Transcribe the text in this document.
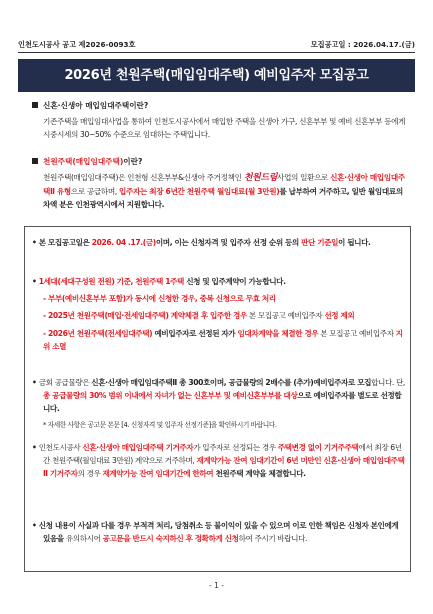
인천도시공사 공고 제2026-0093호	모집공고일 : 2026.04.17.(금)
2026년 천원주택(매입임대주택) 예비입주자 모집공고
신혼·신생아 매입임대주택이란?
기존주택을 매입임대사업을 통하여 인천도시공사에서 매입한 주택을 신생아 가구, 신혼부부 및 예비 신혼부부 등에게 시중시세의 30~50% 수준으로 임대하는 주택입니다.
천원주택(매입임대주택)이란?
천원주택(매입임대주택)은 인천형 신혼부부&신생아 주거정책인 천원드림사업의 일환으로 신혼·신생아 매입임대주택Ⅱ 유형으로 공급하며, 입주자는 최장 6년간 천원주택 월임대료(월 3만원)를 납부하여 거주하고, 일반 월임대료의 차액 분은 인천광역시에서 지원합니다.
• 본 모집공고일은 2026. 04 .17.(금)이며, 이는 신청자격 및 입주자 선정 순위 등의 판단 기준일이 됩니다.
• 1세대(세대구성원 전원) 기준, 천원주택 1주택 신청 및 입주계약이 가능합니다.
- 부부(예비신혼부부 포함)가 동시에 신청한 경우, 중복 신청으로 무효 처리
- 2025년 천원주택(매입·전세임대주택) 계약체결 후 입주한 경우 본 모집공고 예비입주자 선정 제외
- 2026년 천원주택(전세임대주택) 예비입주자로 선정된 자가 임대차계약을 체결한 경우 본 모집공고 예비입주자 지위 소멸
• 금회 공급물량은 신혼·신생아 매입임대주택Ⅱ 총 300호이며, 공급물량의 2배수를 (추가)예비입주자로 모집합니다. 단, 총 공급물량의 30% 범위 이내에서 자녀가 없는 신혼부부 및 예비신혼부부를 대상으로 예비입주자를 별도로 선정합니다.
* 자세한 사항은 공고문 본문 [4. 신청자격 및 입주자 선정기준]을 확인하시기 바랍니다.
• 인천도시공사 신혼·신생아 매입임대주택 기거주자가 입주자로 선정되는 경우 주택변경 없이 기거주주택에서 최장 6년간 천원주택(월임대료 3만원) 계약으로 거주하며, 재계약가능 잔여 임대기간이 6년 미만인 신혼·신생아 매입임대주택Ⅱ 기거주자의 경우 재계약가능 잔여 임대기간에 한하여 천원주택 계약을 체결합니다.
• 신청 내용이 사실과 다를 경우 부적격 처리, 당첨취소 등 불이익이 있을 수 있으며 이로 인한 책임은 신청자 본인에게 있음을 유의하시어 공고문을 반드시 숙지하신 후 정확하게 신청하여 주시기 바랍니다.
- 1 -
